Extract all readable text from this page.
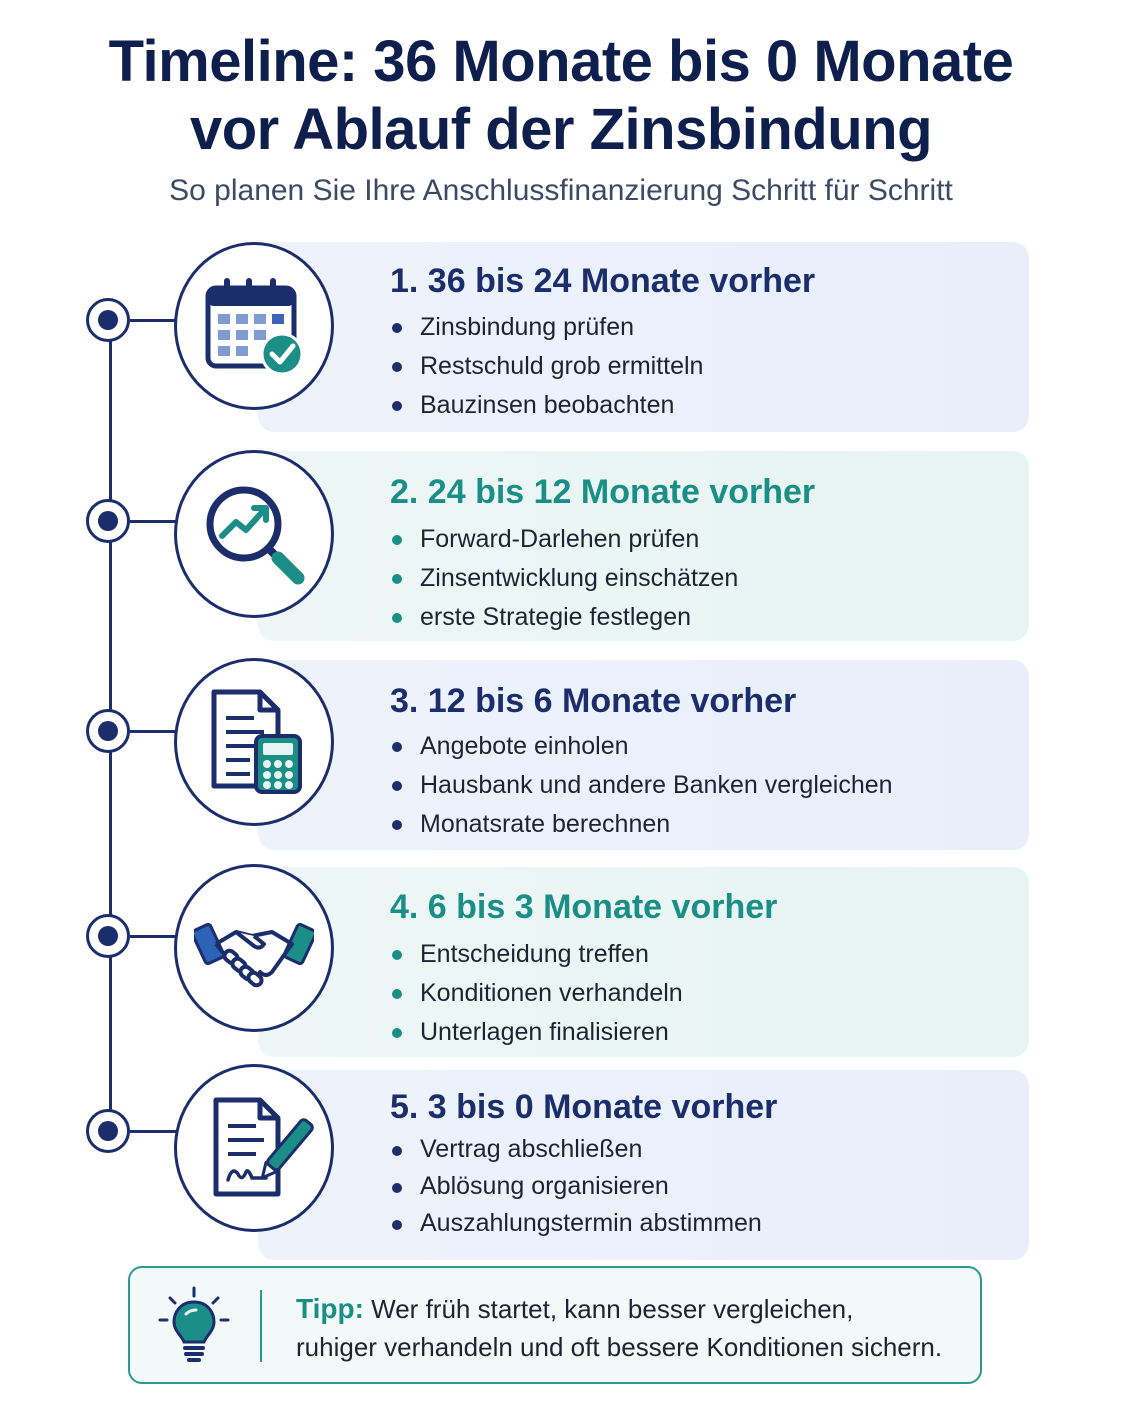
Timeline: 36 Monate bis 0 Monate
vor Ablauf der Zinsbindung
So planen Sie Ihre Anschlussfinanzierung Schritt für Schritt
1. 36 bis 24 Monate vorher
Zinsbindung prüfen
Restschuld grob ermitteln
Bauzinsen beobachten
2. 24 bis 12 Monate vorher
Forward-Darlehen prüfen
Zinsentwicklung einschätzen
erste Strategie festlegen
3. 12 bis 6 Monate vorher
Angebote einholen
Hausbank und andere Banken vergleichen
Monatsrate berechnen
4. 6 bis 3 Monate vorher
Entscheidung treffen
Konditionen verhandeln
Unterlagen finalisieren
5. 3 bis 0 Monate vorher
Vertrag abschließen
Ablösung organisieren
Auszahlungstermin abstimmen
Tipp: Wer früh startet, kann besser vergleichen,
ruhiger verhandeln und oft bessere Konditionen sichern.
